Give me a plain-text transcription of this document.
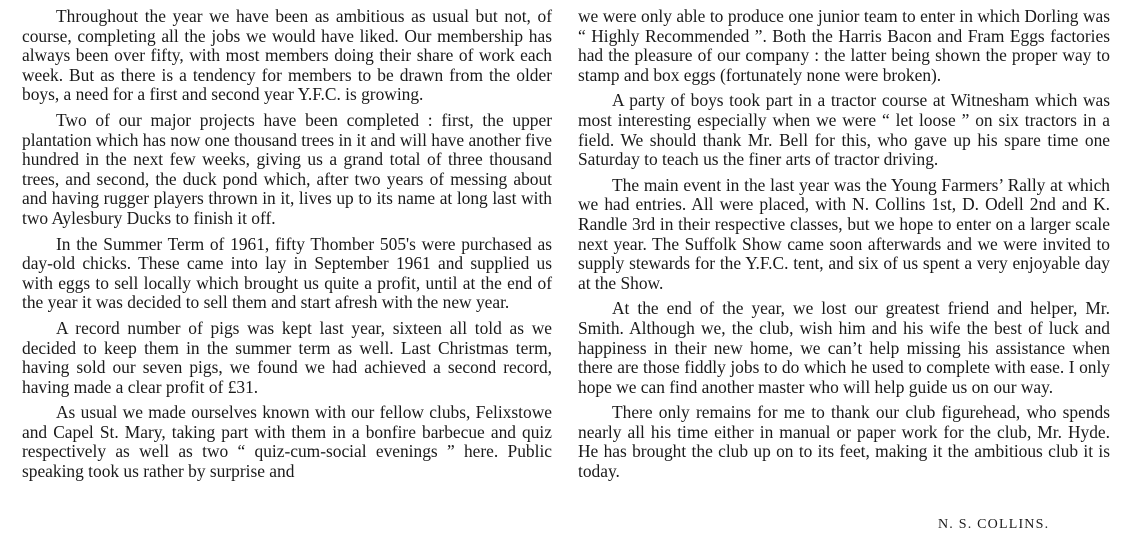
Throughout the year we have been as ambitious as usual but not, of course, completing all the jobs we would have liked. Our membership has always been over fifty, with most members doing their share of work each week. But as there is a tendency for members to be drawn from the older boys, a need for a first and second year Y.F.C. is growing.

Two of our major projects have been completed : first, the upper plantation which has now one thousand trees in it and will have another five hundred in the next few weeks, giving us a grand total of three thousand trees, and second, the duck pond which, after two years of messing about and having rugger players thrown in it, lives up to its name at long last with two Aylesbury Ducks to finish it off.

In the Summer Term of 1961, fifty Thomber 505's were purchased as day-old chicks. These came into lay in September 1961 and supplied us with eggs to sell locally which brought us quite a profit, until at the end of the year it was decided to sell them and start afresh with the new year.

A record number of pigs was kept last year, sixteen all told as we decided to keep them in the summer term as well. Last Christmas term, having sold our seven pigs, we found we had achieved a second record, having made a clear profit of £31.

As usual we made ourselves known with our fellow clubs, Felixstowe and Capel St. Mary, taking part with them in a bonfire barbecue and quiz respectively as well as two “ quiz-cum-social evenings ” here. Public speaking took us rather by surprise and

we were only able to produce one junior team to enter in which Dorling was “ Highly Recommended ”. Both the Harris Bacon and Fram Eggs factories had the pleasure of our company : the latter being shown the proper way to stamp and box eggs (fortunately none were broken).

A party of boys took part in a tractor course at Witnesham which was most interesting especially when we were “ let loose ” on six tractors in a field. We should thank Mr. Bell for this, who gave up his spare time one Saturday to teach us the finer arts of tractor driving.

The main event in the last year was the Young Farmers’ Rally at which we had entries. All were placed, with N. Collins 1st, D. Odell 2nd and K. Randle 3rd in their respective classes, but we hope to enter on a larger scale next year. The Suffolk Show came soon afterwards and we were invited to supply stewards for the Y.F.C. tent, and six of us spent a very enjoyable day at the Show.

At the end of the year, we lost our greatest friend and helper, Mr. Smith. Although we, the club, wish him and his wife the best of luck and happiness in their new home, we can’t help missing his assistance when there are those fiddly jobs to do which he used to complete with ease. I only hope we can find another master who will help guide us on our way.

There only remains for me to thank our club figurehead, who spends nearly all his time either in manual or paper work for the club, Mr. Hyde. He has brought the club up on to its feet, making it the ambitious club it is today.

N. S. COLLINS.
